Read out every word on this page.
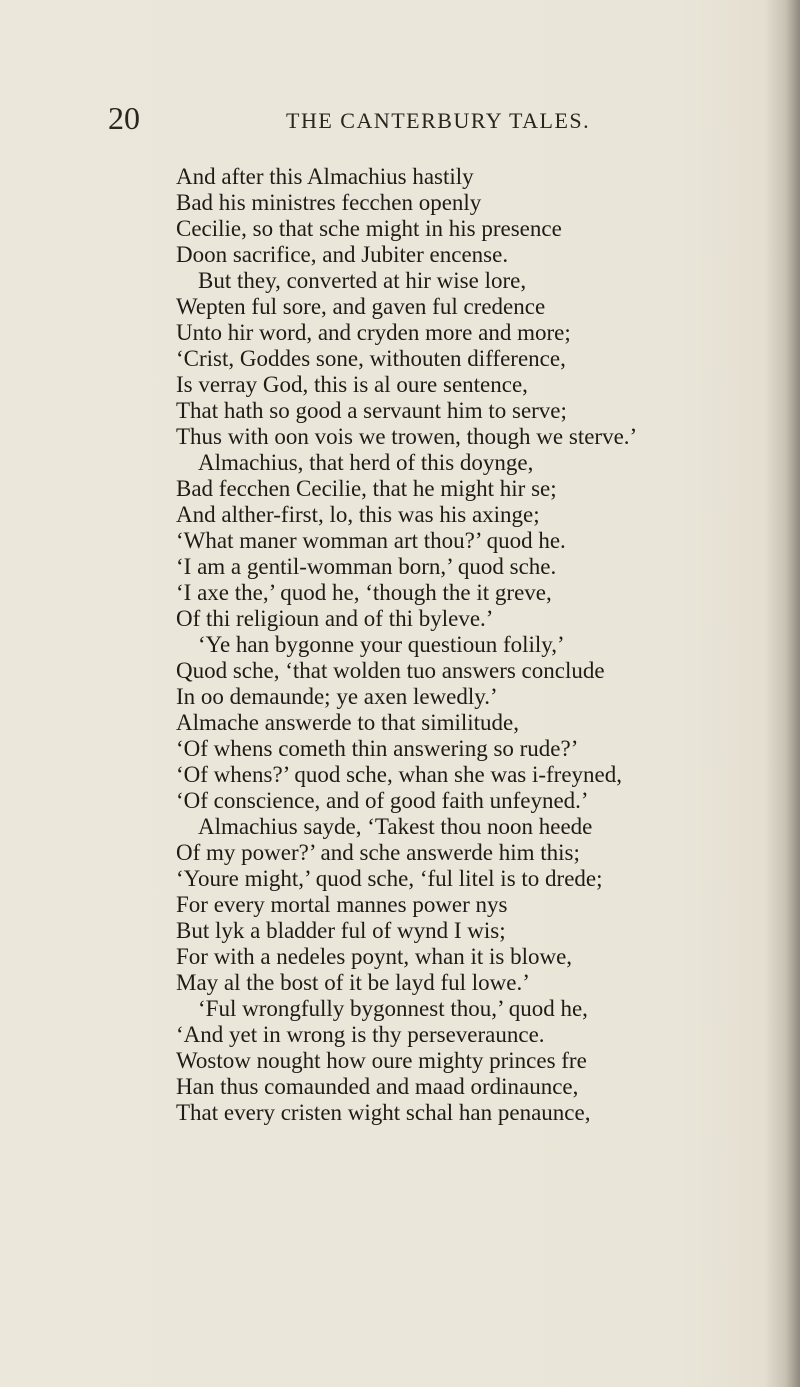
20	THE CANTERBURY TALES.
And after this Almachius hastily
Bad his ministres fecchen openly
Cecilie, so that sche might in his presence
Doon sacrifice, and Jubiter encense.
But they, converted at hir wise lore,
Wepten ful sore, and gaven ful credence
Unto hir word, and cryden more and more;
‘Crist, Goddes sone, withouten difference,
Is verray God, this is al oure sentence,
That hath so good a servaunt him to serve;
Thus with oon vois we trowen, though we sterve.’
Almachius, that herd of this doynge,
Bad fecchen Cecilie, that he might hir se;
And alther-first, lo, this was his axinge;
‘What maner womman art thou?’ quod he.
‘I am a gentil-womman born,’ quod sche.
‘I axe the,’ quod he, ‘though the it greve,
Of thi religioun and of thi byleve.’
‘Ye han bygonne your questioun folily,’
Quod sche, ‘that wolden tuo answers conclude
In oo demaunde; ye axen lewedly.’
Almache answerde to that similitude,
‘Of whens cometh thin answering so rude?’
‘Of whens?’ quod sche, whan she was i-freyned,
‘Of conscience, and of good faith unfeyned.’
Almachius sayde, ‘Takest thou noon heede
Of my power?’ and sche answerde him this;
‘Youre might,’ quod sche, ‘ful litel is to drede;
For every mortal mannes power nys
But lyk a bladder ful of wynd I wis;
For with a nedeles poynt, whan it is blowe,
May al the bost of it be layd ful lowe.’
‘Ful wrongfully bygonnest thou,’ quod he,
‘And yet in wrong is thy perseveraunce.
Wostow nought how oure mighty princes fre
Han thus comaunded and maad ordinaunce,
That every cristen wight schal han penaunce,
